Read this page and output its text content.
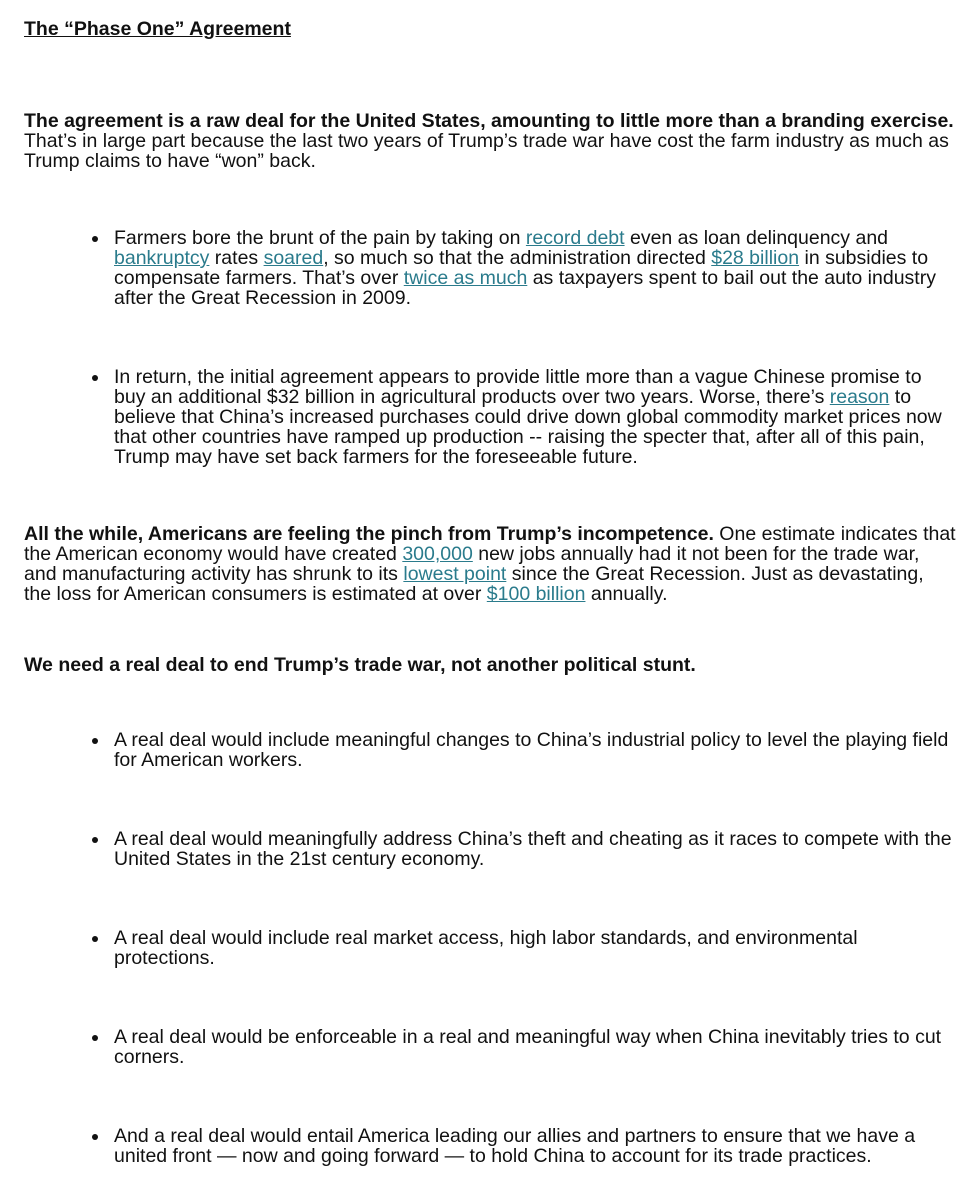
The “Phase One” Agreement

The agreement is a raw deal for the United States, amounting to little more than a branding exercise. That’s in large part because the last two years of Trump’s trade war have cost the farm industry as much as Trump claims to have “won” back.

Farmers bore the brunt of the pain by taking on record debt even as loan delinquency and bankruptcy rates soared, so much so that the administration directed $28 billion in subsidies to compensate farmers. That’s over twice as much as taxpayers spent to bail out the auto industry after the Great Recession in 2009.
In return, the initial agreement appears to provide little more than a vague Chinese promise to buy an additional $32 billion in agricultural products over two years. Worse, there’s reason to believe that China’s increased purchases could drive down global commodity market prices now that other countries have ramped up production -- raising the specter that, after all of this pain, Trump may have set back farmers for the foreseeable future.

All the while, Americans are feeling the pinch from Trump’s incompetence. One estimate indicates that the American economy would have created 300,000 new jobs annually had it not been for the trade war, and manufacturing activity has shrunk to its lowest point since the Great Recession. Just as devastating, the loss for American consumers is estimated at over $100 billion annually.

We need a real deal to end Trump’s trade war, not another political stunt.

A real deal would include meaningful changes to China’s industrial policy to level the playing field for American workers.
A real deal would meaningfully address China’s theft and cheating as it races to compete with the United States in the 21st century economy.
A real deal would include real market access, high labor standards, and environmental protections.
A real deal would be enforceable in a real and meaningful way when China inevitably tries to cut corners.
And a real deal would entail America leading our allies and partners to ensure that we have a united front — now and going forward — to hold China to account for its trade practices.
